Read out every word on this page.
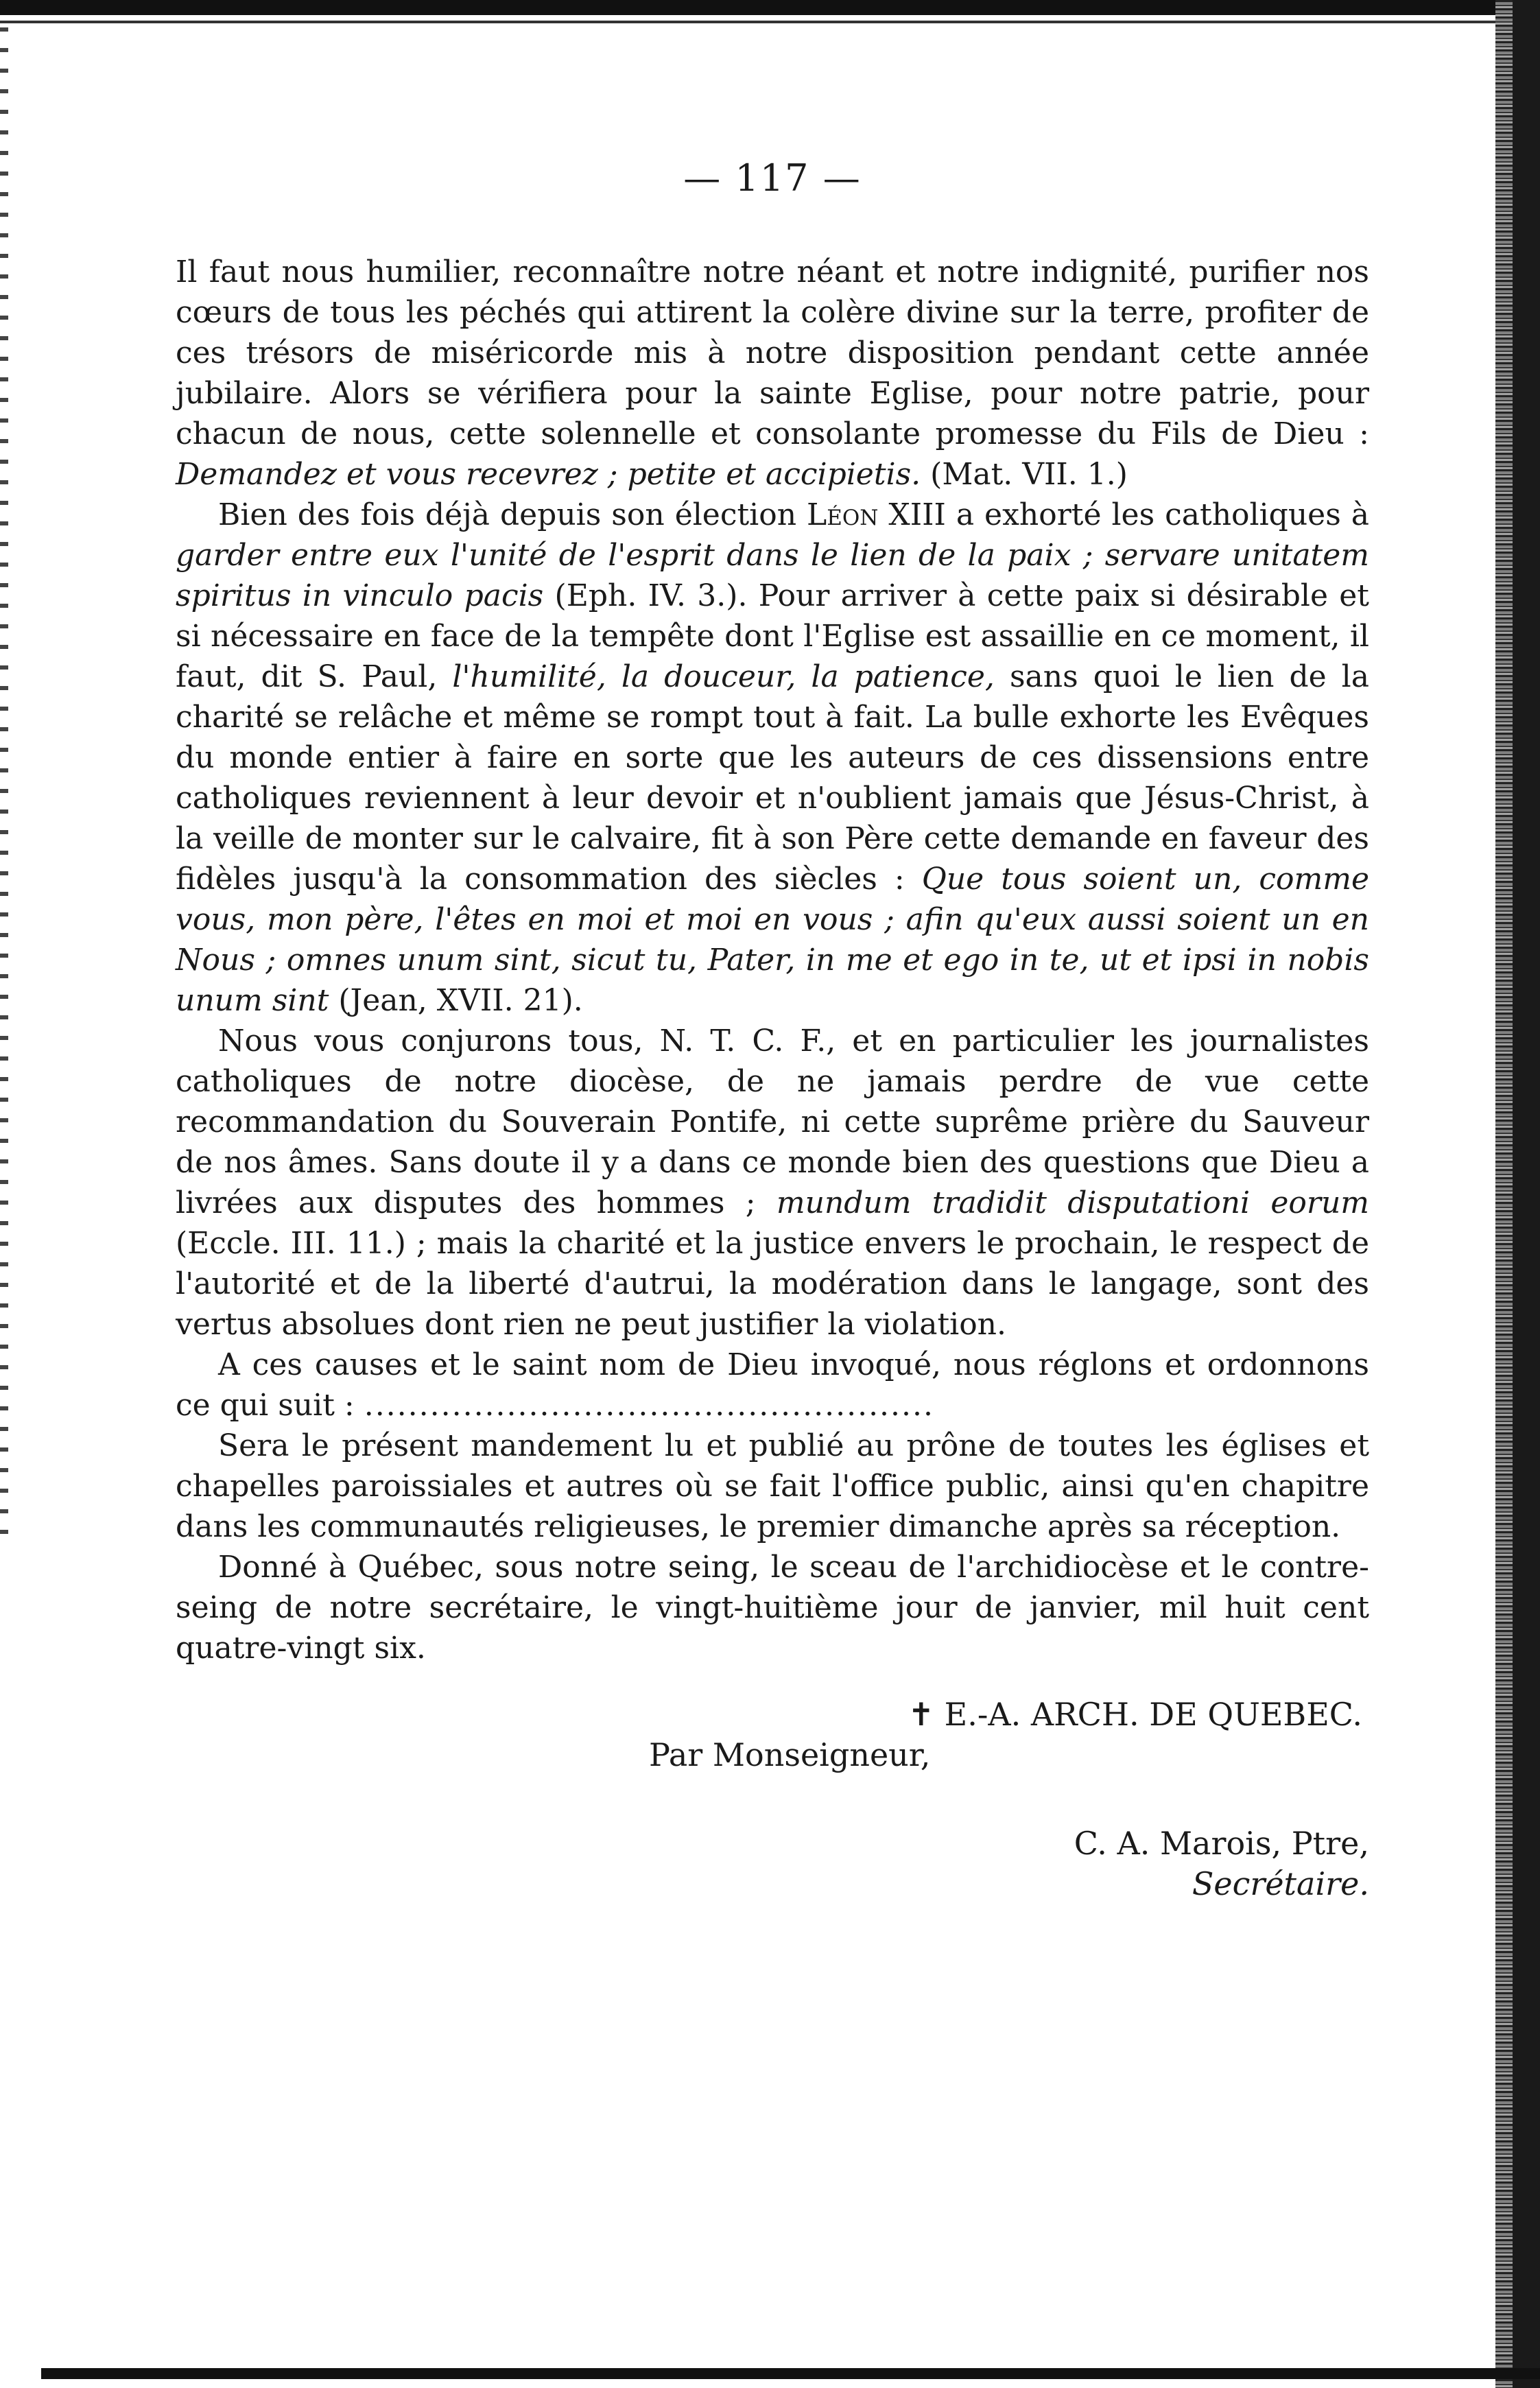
— 117 —

Il faut nous humilier, reconnaître notre néant et notre indignité, purifier nos cœurs de tous les péchés qui attirent la colère divine sur la terre, profiter de ces trésors de miséricorde mis à notre disposition pendant cette année jubilaire. Alors se vérifiera pour la sainte Eglise, pour notre patrie, pour chacun de nous, cette solennelle et consolante promesse du Fils de Dieu : Demandez et vous recevrez ; petite et accipietis. (Mat. VII. 1.)

Bien des fois déjà depuis son élection Léon XIII a exhorté les catholiques à garder entre eux l'unité de l'esprit dans le lien de la paix ; servare unitatem spiritus in vinculo pacis (Eph. IV. 3.). Pour arriver à cette paix si désirable et si nécessaire en face de la tempête dont l'Eglise est assaillie en ce moment, il faut, dit S. Paul, l'humilité, la douceur, la patience, sans quoi le lien de la charité se relâche et même se rompt tout à fait. La bulle exhorte les Evêques du monde entier à faire en sorte que les auteurs de ces dissensions entre catholiques reviennent à leur devoir et n'oublient jamais que Jésus-Christ, à la veille de monter sur le calvaire, fit à son Père cette demande en faveur des fidèles jusqu'à la consommation des siècles : Que tous soient un, comme vous, mon père, l'êtes en moi et moi en vous ; afin qu'eux aussi soient un en Nous ; omnes unum sint, sicut tu, Pater, in me et ego in te, ut et ipsi in nobis unum sint (Jean, XVII. 21).

Nous vous conjurons tous, N. T. C. F., et en particulier les journalistes catholiques de notre diocèse, de ne jamais perdre de vue cette recommandation du Souverain Pontife, ni cette suprême prière du Sauveur de nos âmes. Sans doute il y a dans ce monde bien des questions que Dieu a livrées aux disputes des hommes ; mundum tradidit disputationi eorum (Eccle. III. 11.) ; mais la charité et la justice envers le prochain, le respect de l'autorité et de la liberté d'autrui, la modération dans le langage, sont des vertus absolues dont rien ne peut justifier la violation.

A ces causes et le saint nom de Dieu invoqué, nous réglons et ordonnons ce qui suit : ....................................................

Sera le présent mandement lu et publié au prône de toutes les églises et chapelles paroissiales et autres où se fait l'office public, ainsi qu'en chapitre dans les communautés religieuses, le premier dimanche après sa réception.

Donné à Québec, sous notre seing, le sceau de l'archidiocèse et le contre-seing de notre secrétaire, le vingt-huitième jour de janvier, mil huit cent quatre-vingt six.

✝ E.-A. ARCH. DE QUEBEC.
Par Monseigneur,
C. A. Marois, Ptre,
Secrétaire.
